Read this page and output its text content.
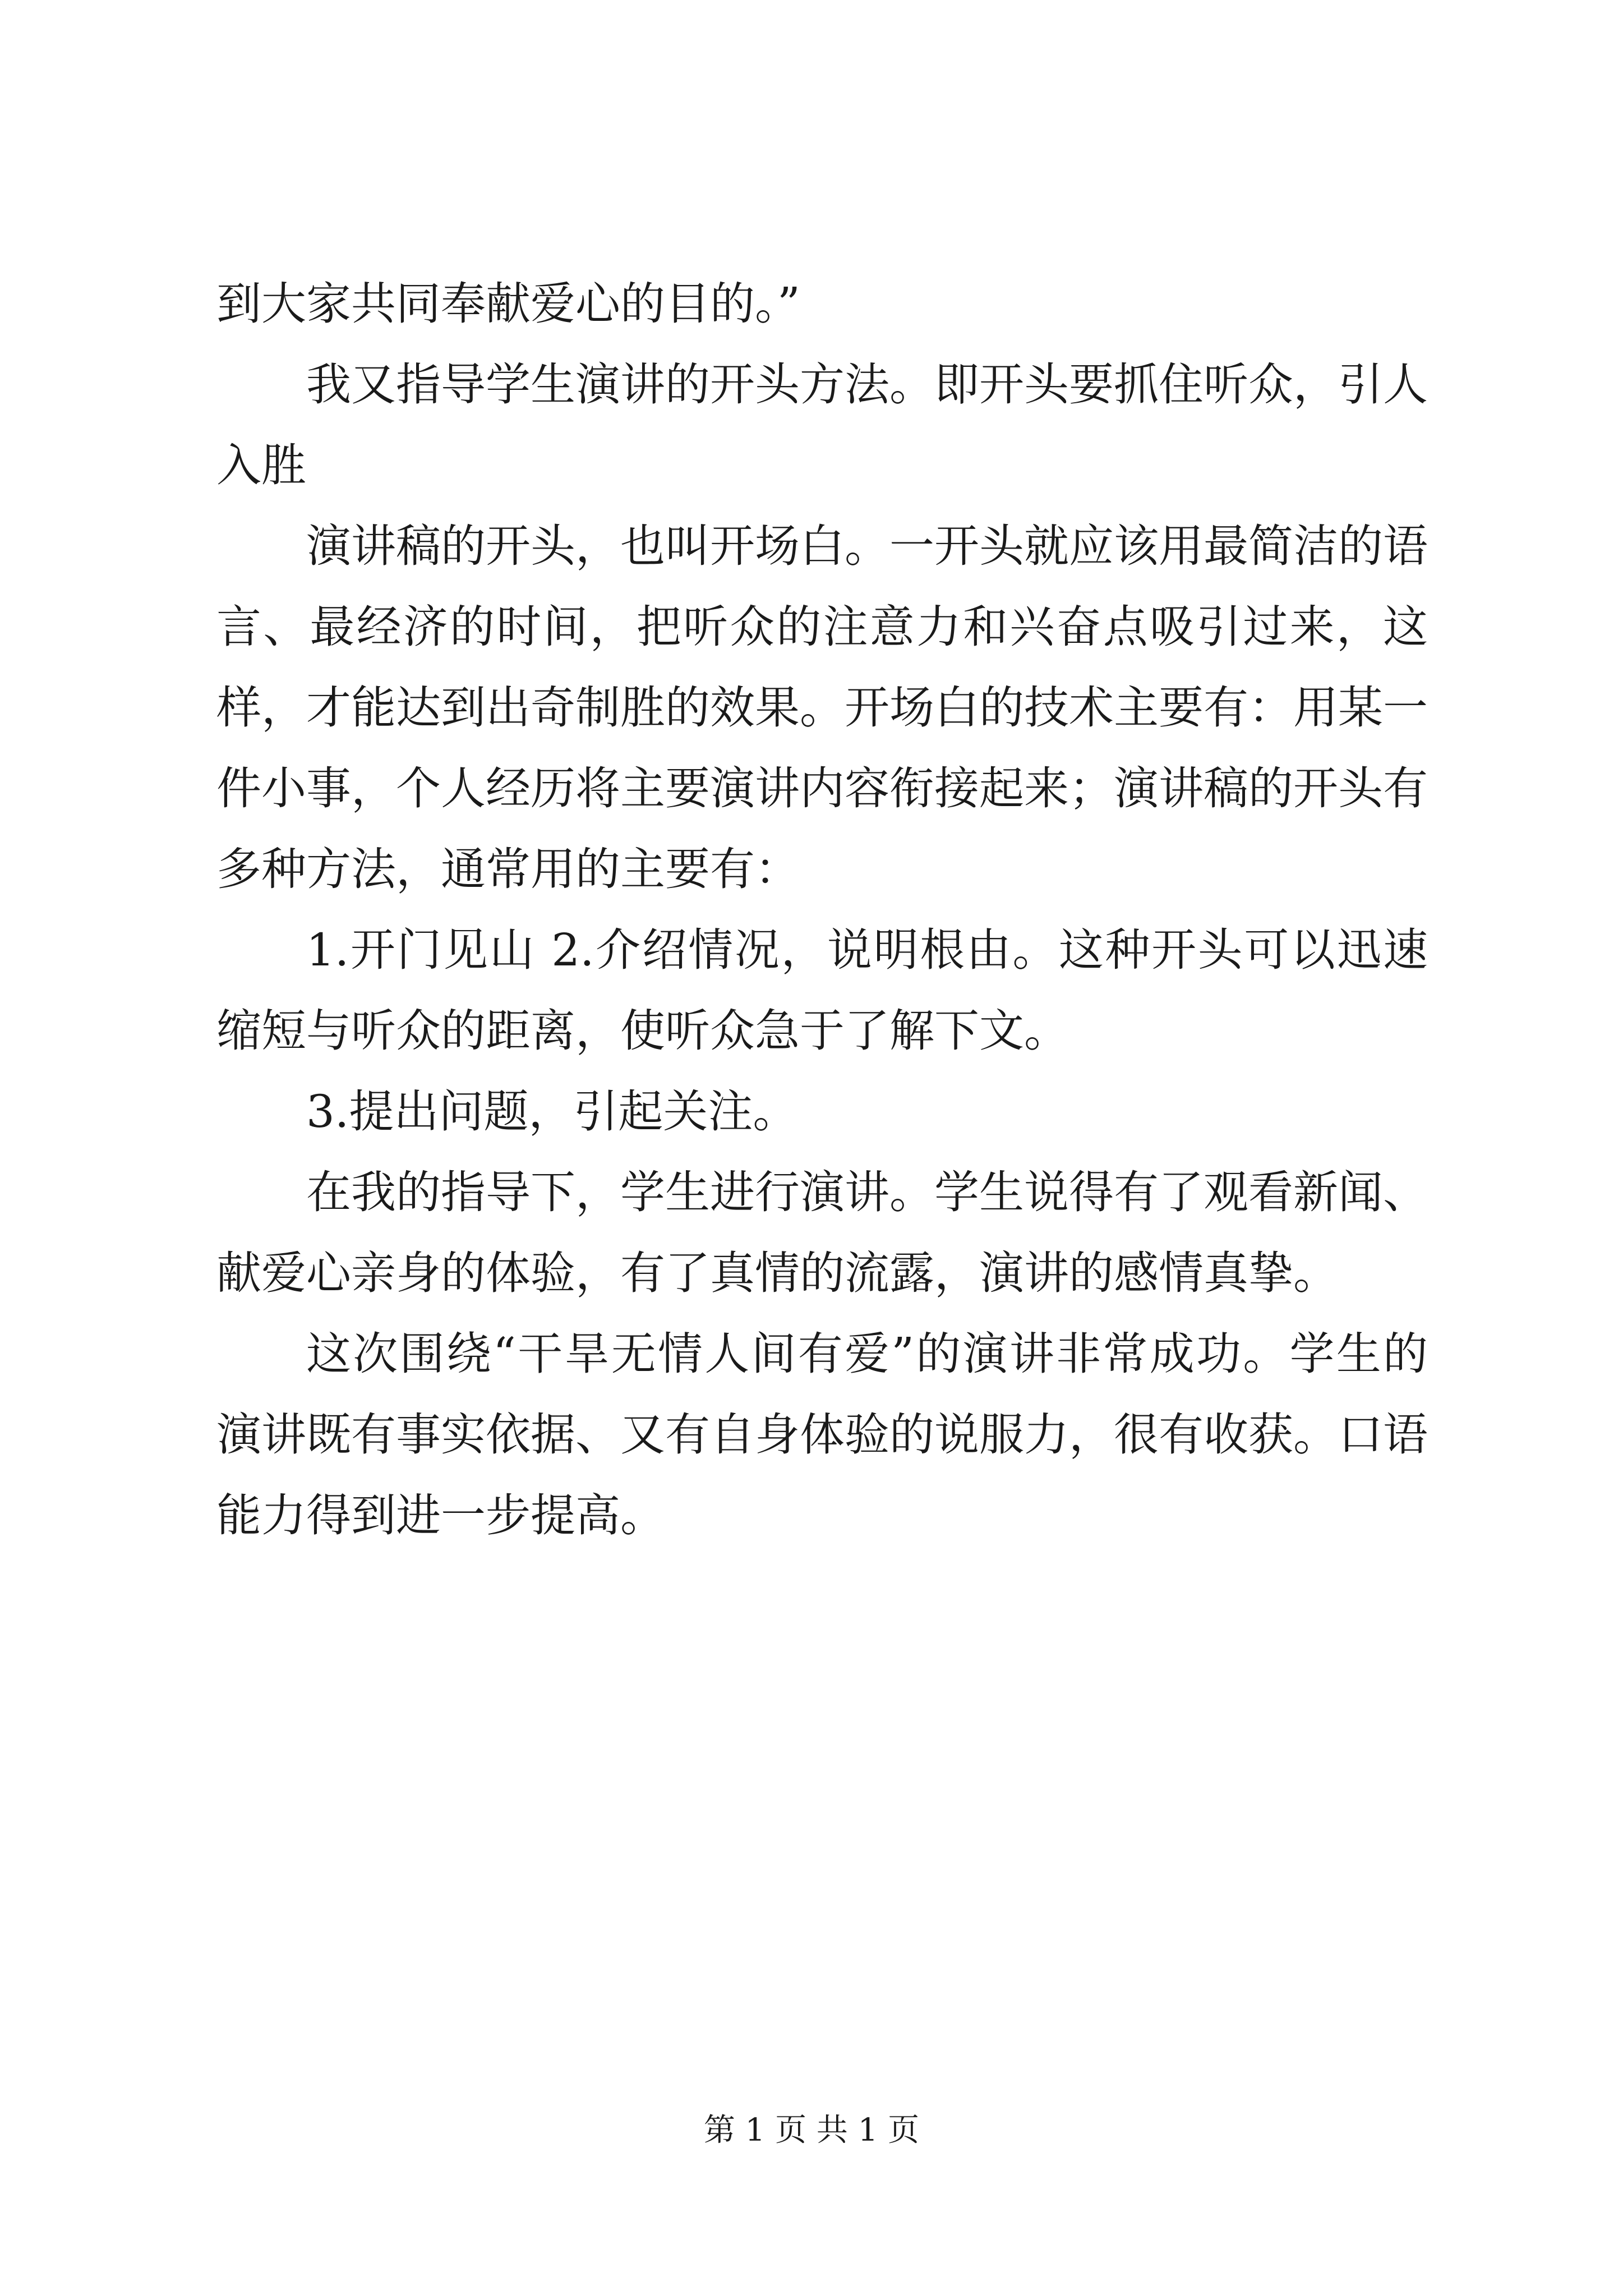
到大家共同奉献爱心的目的。”

我又指导学生演讲的开头方法。即开头要抓住听众，引人入胜

演讲稿的开头，也叫开场白。一开头就应该用最简洁的语言、最经济的时间，把听众的注意力和兴奋点吸引过来，这样，才能达到出奇制胜的效果。开场白的技术主要有：用某一件小事，个人经历将主要演讲内容衔接起来；演讲稿的开头有多种方法，通常用的主要有：

1.开门见山 2.介绍情况，说明根由。这种开头可以迅速缩短与听众的距离，使听众急于了解下文。

3.提出问题，引起关注。

在我的指导下，学生进行演讲。学生说得有了观看新闻、献爱心亲身的体验，有了真情的流露，演讲的感情真挚。

这次围绕“干旱无情人间有爱”的演讲非常成功。学生的演讲既有事实依据、又有自身体验的说服力，很有收获。口语能力得到进一步提高。

第 1 页 共 1 页
